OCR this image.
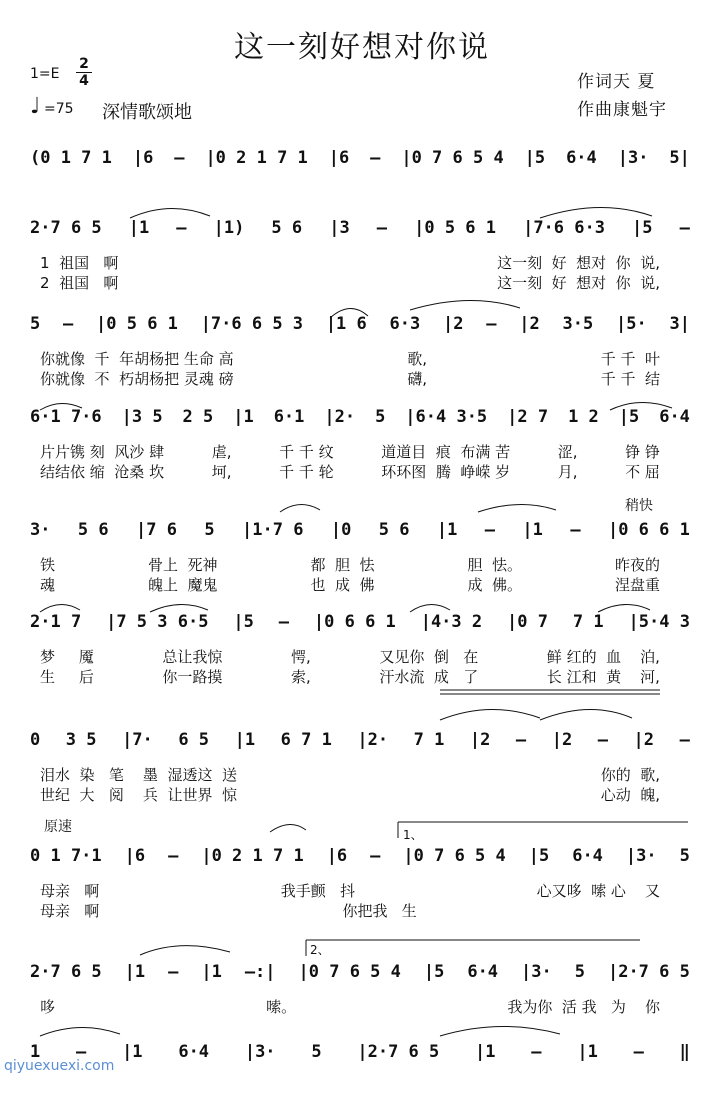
这一刻好想对你说
1=E
2
4
♩ =75 深情歌颂地
作词天 夏
作曲康魁宇
稍快
原速	1、
2、
(0 1 7 1 |6 — |0 2 1 7 1 |6 — |0 7 6 5 4 |5 6·4 |3· 5|
2·7 6 5 |1 — |1) 5 6 |3 — |0 5 6 1 |7·6 6·3 |5 —
1  祖国   啊	这一刻  好  想对  你  说,
2  祖国   啊	这一刻  好  想对  你  说,
5 — |0 5 6 1 |7·6 6 5 3 |1 6 6·3 |2 — |2 3·5 |5· 3|
你就像  千  年胡杨把 生命 高	歌,	千 千  叶
你就像  不  朽胡杨把 灵魂 磅	礴,	千 千  结
6·1 7·6 |3 5 2 5 |1 6·1 |2· 5 |6·4 3·5 |2 7 1 2 |5 6·4
片片镌 刻  风沙 肆	虐,	千 千 纹	道道目  痕  布满 苦	涩,	铮 铮
结结依 缩  沧桑 坎	坷,	千 千 轮	环环图  腾  峥嵘 岁	月,	不 屈
3· 5 6 |7 6 5 |1·7 6 |0 5 6 |1 — |1 — |0 6 6 1
铁	骨上  死神	都  胆  怯	胆  怯。	昨夜的
魂	魄上  魔鬼	也  成  佛	成  佛。	涅盘重
2·1 7 |7 5 3 6·5 |5 — |0 6 6 1 |4·3 2 |0 7 7 1 |5·4 3
梦     魇	总让我惊	愕,	又见你  倒   在	鲜 红的  血    泊,
生     后	你一路摸	索,	汗水流  成   了	长 江和  黄    河,
0 3 5 |7· 6 5 |1 6 7 1 |2· 7 1 |2 — |2 — |2 —
泪水  染   笔    墨  湿透这  送	你的  歌,
世纪  大   阅    兵  让世界  惊	心动  魄,
0 1 7·1 |6 — |0 2 1 7 1 |6 — |0 7 6 5 4 |5 6·4 |3· 5
母亲   啊	我手颤   抖	心又哆  嗦 心    又
母亲   啊	你把我   生
2·7 6 5 |1 — |1 —:| |0 7 6 5 4 |5 6·4 |3· 5 |2·7 6 5
哆	嗦。	我为你  活 我   为    你
1 — |1 6·4 |3· 5 |2·7 6 5 |1 — |1 — ‖
qiyuexuexi.com
